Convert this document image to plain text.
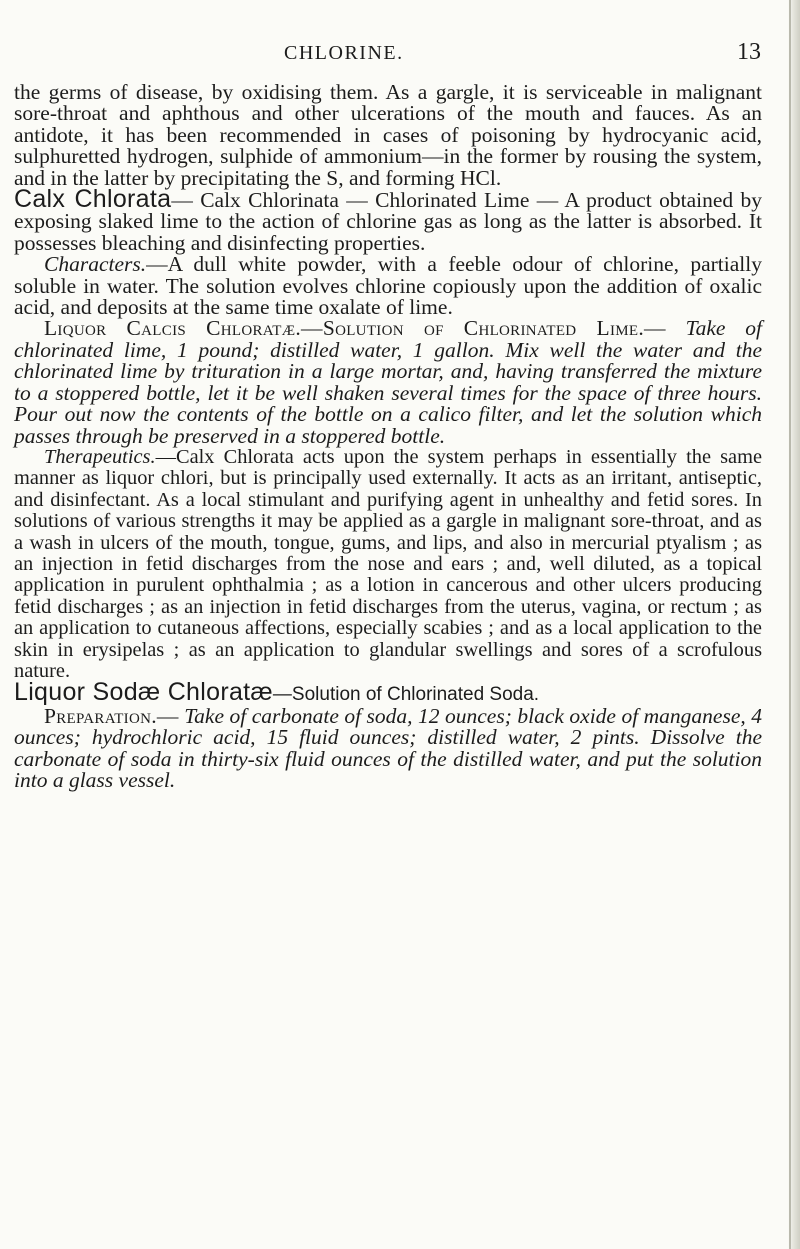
CHLORINE.	13

the germs of disease, by oxidising them. As a gargle, it is serviceable in malignant sore-throat and aphthous and other ulcerations of the mouth and fauces. As an antidote, it has been recommended in cases of poisoning by hydrocyanic acid, sulphuretted hydrogen, sulphide of ammonium—in the former by rousing the system, and in the latter by precipitating the S, and forming HCl.

Calx Chlorata— Calx Chlorinata — Chlorinated Lime — A product obtained by exposing slaked lime to the action of chlorine gas as long as the latter is absorbed. It possesses bleaching and disinfecting properties.

Characters.—A dull white powder, with a feeble odour of chlorine, partially soluble in water. The solution evolves chlorine copiously upon the addition of oxalic acid, and deposits at the same time oxalate of lime.

Liquor Calcis Chloratæ.—Solution of Chlorinated Lime.— Take of chlorinated lime, 1 pound; distilled water, 1 gallon. Mix well the water and the chlorinated lime by trituration in a large mortar, and, having transferred the mixture to a stoppered bottle, let it be well shaken several times for the space of three hours. Pour out now the contents of the bottle on a calico filter, and let the solution which passes through be preserved in a stoppered bottle.

Therapeutics.—Calx Chlorata acts upon the system perhaps in essentially the same manner as liquor chlori, but is principally used externally. It acts as an irritant, antiseptic, and disinfectant. As a local stimulant and purifying agent in unhealthy and fetid sores. In solutions of various strengths it may be applied as a gargle in malignant sore-throat, and as a wash in ulcers of the mouth, tongue, gums, and lips, and also in mercurial ptyalism ; as an injection in fetid discharges from the nose and ears ; and, well diluted, as a topical application in purulent ophthalmia ; as a lotion in cancerous and other ulcers producing fetid discharges ; as an injection in fetid discharges from the uterus, vagina, or rectum ; as an application to cutaneous affections, especially scabies ; and as a local application to the skin in erysipelas ; as an application to glandular swellings and sores of a scrofulous nature.

Liquor Sodæ Chloratæ—Solution of Chlorinated Soda.

Preparation.— Take of carbonate of soda, 12 ounces; black oxide of manganese, 4 ounces; hydrochloric acid, 15 fluid ounces; distilled water, 2 pints. Dissolve the carbonate of soda in thirty-six fluid ounces of the distilled water, and put the solution into a glass vessel.
